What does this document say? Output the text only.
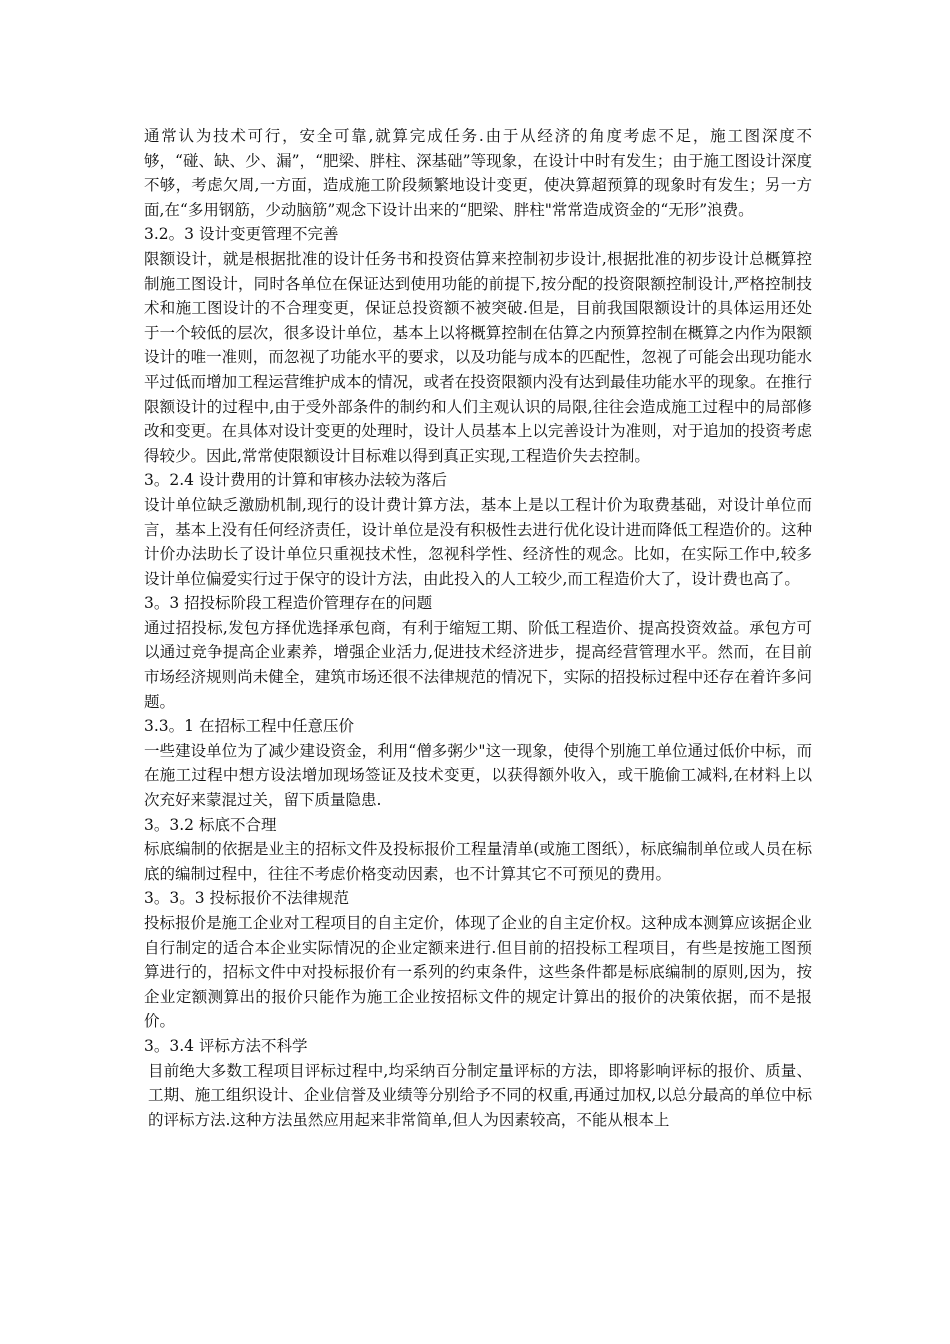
通常认为技术可行，安全可靠,就算完成任务.由于从经济的角度考虑不足，施工图深度不够，“碰、缺、少、漏”，“肥梁、胖柱、深基础”等现象，在设计中时有发生；由于施工图设计深度不够，考虑欠周,一方面，造成施工阶段频繁地设计变更，使决算超预算的现象时有发生；另一方面,在“多用钢筋，少动脑筋”观念下设计出来的“肥梁、胖柱"常常造成资金的“无形”浪费。

3.2。3 设计变更管理不完善

限额设计，就是根据批准的设计任务书和投资估算来控制初步设计,根据批准的初步设计总概算控制施工图设计，同时各单位在保证达到使用功能的前提下,按分配的投资限额控制设计,严格控制技术和施工图设计的不合理变更，保证总投资额不被突破.但是，目前我国限额设计的具体运用还处于一个较低的层次，很多设计单位，基本上以将概算控制在估算之内预算控制在概算之内作为限额设计的唯一准则，而忽视了功能水平的要求，以及功能与成本的匹配性，忽视了可能会出现功能水平过低而增加工程运营维护成本的情况，或者在投资限额内没有达到最佳功能水平的现象。在推行限额设计的过程中,由于受外部条件的制约和人们主观认识的局限,往往会造成施工过程中的局部修改和变更。在具体对设计变更的处理时，设计人员基本上以完善设计为准则，对于追加的投资考虑得较少。因此,常常使限额设计目标难以得到真正实现,工程造价失去控制。

3。2.4 设计费用的计算和审核办法较为落后

设计单位缺乏激励机制,现行的设计费计算方法，基本上是以工程计价为取费基础，对设计单位而言，基本上没有任何经济责任，设计单位是没有积极性去进行优化设计进而降低工程造价的。这种计价办法助长了设计单位只重视技术性，忽视科学性、经济性的观念。比如，在实际工作中,较多设计单位偏爱实行过于保守的设计方法，由此投入的人工较少,而工程造价大了，设计费也高了。

3。3 招投标阶段工程造价管理存在的问题

通过招投标,发包方择优选择承包商，有利于缩短工期、阶低工程造价、提高投资效益。承包方可以通过竞争提高企业素养，增强企业活力,促进技术经济进步，提高经营管理水平。然而，在目前市场经济规则尚未健全，建筑市场还很不法律规范的情况下，实际的招投标过程中还存在着许多问题。

3.3。1 在招标工程中任意压价

一些建设单位为了减少建设资金，利用“僧多粥少"这一现象，使得个别施工单位通过低价中标，而在施工过程中想方设法增加现场签证及技术变更，以获得额外收入，或干脆偷工减料,在材料上以次充好来蒙混过关，留下质量隐患.

3。3.2 标底不合理

标底编制的依据是业主的招标文件及投标报价工程量清单(或施工图纸），标底编制单位或人员在标底的编制过程中，往往不考虑价格变动因素，也不计算其它不可预见的费用。

3。3。3 投标报价不法律规范

投标报价是施工企业对工程项目的自主定价，体现了企业的自主定价权。这种成本测算应该据企业自行制定的适合本企业实际情况的企业定额来进行.但目前的招投标工程项目，有些是按施工图预算进行的，招标文件中对投标报价有一系列的约束条件，这些条件都是标底编制的原则,因为，按企业定额测算出的报价只能作为施工企业按招标文件的规定计算出的报价的决策依据，而不是报价。

3。3.4 评标方法不科学

目前绝大多数工程项目评标过程中,均采纳百分制定量评标的方法，即将影响评标的报价、质量、工期、施工组织设计、企业信誉及业绩等分别给予不同的权重,再通过加权,以总分最高的单位中标的评标方法.这种方法虽然应用起来非常简单,但人为因素较高，不能从根本上
